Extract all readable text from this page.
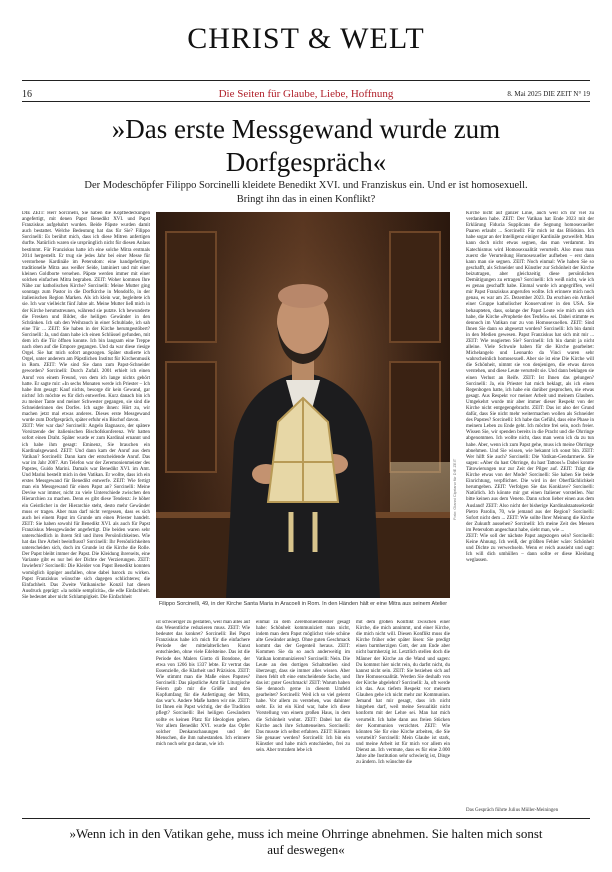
CHRIST & WELT
16	Die Seiten für Glaube, Liebe, Hoffnung	8. Mai 2025 DIE ZEIT N° 19
»Das erste Messgewand wurde zum Dorfgespräch«
Der Modeschöpfer Filippo Sorcinelli kleidete Benedikt XVI. und Franziskus ein. Und er ist homosexuell. Bringt ihn das in einen Konflikt?

DIE ZEIT: Herr Sorcinelli, Sie haben die Kopfbedeckungen angefertigt, mit denen Papst Benedikt XVI. und Papst Franziskus aufgebahrt wurden. Beide Päpste wurden damit auch bestattet. Welche Bedeutung hat das für Sie? Filippo Sorcinelli: Es berührt mich, dass ich diese Mitren anfertigen durfte. Natürlich waren sie ursprünglich nicht für diesen Anlass bestimmt. Für Franziskus hatte ich eine solche Mitra erstmals 2014 hergestellt. Er trug sie jedes Jahr bei einer Messe für verstorbene Kardinäle im Petersdom: eine handgefertigte, traditionelle Mitra aus weißer Seide, laminiert und mit einer kleinen Goldborte versehen. Päpste werden immer mit einer solchen einfachen Mitra begraben. ZEIT: Woher kommen Ihre Nähe zur katholischen Kirche? Sorcinelli: Meine Mutter ging sonntags zum Pastor in die Dorfkirche in Mondolfo, in der italienischen Region Marken. Als ich klein war, begleitete ich sie. Ich war vielleicht fünf Jahre alt. Meine Mutter ließ mich in der Kirche herumstreunen, während sie putzte. Ich bewunderte die Fresken und Bilder, die heiligen Gewänder in den Schränken. Ich sah den Weihrauch in einer Schublade, ich sah eine Tür ... ZEIT: Sie haben in der Kirche herumgestöbert? Sorcinelli: Ja, und dann habe ich einen Schlüssel gefunden, mit dem ich die Tür öffnen konnte. Ich bin langsam eine Treppe nach oben auf die Empore gegangen. Und da war diese riesige Orgel. Sie hat mich sofort angezogen. Später studierte ich Orgel, unter anderem am Päpstlichen Institut für Kirchenmusik in Rom. ZEIT: Wie sind Sie dann zum Papst-Schneider geworden? Sorcinelli: Durch Zufall. 2001 erhielt ich einen Anruf von einem Freund, von dem ich lange nichts gehört hatte. Er sagte mir: »In sechs Monaten werde ich Priester – Ich habe ihm gesagt: Kauf nichts, besorge dir kein Gewand, gar nichts! Ich möchte es für dich entwerfen. Kurz danach bin ich zu meiner Tante und meiner Schwester gegangen, sie sind die Schneiderinnen des Dorfes. Ich sagte ihnen: Hört zu, wir machen jetzt mal etwas anderes. Dieses erste Messgewand wurde zum Dorfgespräch, später erfuhr ein Bischof davon.

ZEIT: Wer war das? Sorcinelli: Angelo Bagnasco, der spätere Vorsitzende der italienischen Bischofskonferenz. Wir hatten sofort einen Draht. Später wurde er zum Kardinal ernannt und ich habe ihm gesagt: Eminenz, Sie brauchen ein Kardinalsgewand. ZEIT: Und dann kam der Anruf aus dem Vatikan? Sorcinelli: Dann kam der entscheidende Anruf. Das war im Jahr 2007. Am Telefon war der Zeremonienmeister des Papstes, Guido Marini. Damals war Benedikt XVI. im Amt. Und Marini bestellt mich in den Vatikan. Er wollte, dass ich ein erstes Messgewand für Benedikt entwerfe. ZEIT: Wie fertigt man ein Messgewand für einen Papst an? Sorcinelli: Meine Devise war immer, nicht zu viele Unterschiede zwischen den Hierarchien zu machen. Denn es gibt diese Tendenz: Je höher ein Geistlicher in der Hierarchie steht, desto mehr Gewänder muss er tragen. Aber man darf nicht vergessen, dass es sich auch bei einem Papst im Grunde um einen Priester handelt. ZEIT: Sie haben sowohl für Benedikt XVI. als auch für Papst Franziskus Messgewänder angefertigt. Die beiden waren sehr unterschiedlich in ihrem Stil und ihren Persönlichkeiten. Wie hat das Ihre Arbeit beeinflusst? Sorcinelli: Ihr Persönlichkeiten unterscheiden sich, doch im Grunde ist die Kirche die Rolle. Der Papst bleibt immer der Papst. Die Kleidung ihrerseits, eine Variante gibt es nur bei der Dichte der Verzierungen. ZEIT: Inwiefern? Sorcinelli: Die Kleider von Papst Benedikt konnten womöglich üppiger ausfallen, ohne dabei barock zu wirken. Papst Franziskus wünschte sich dagegen schlichteres; die Einfachheit. Das Zweite Vatikanische Konzil hat diesen Ausdruck geprägt: »la nobile semplicità«, die edle Einfachheit. Sie bedeutet aber nicht Schlampigkeit. Die Einfachheit

Foto: Gianni Cipriano für DIE ZEIT
Filippo Sorcinelli, 49, in der Kirche Santa Maria in Aracoeli in Rom. In den Händen hält er eine Mitra aus seinem Atelier

ist schwieriger zu gestalten, weil man alles auf das Wesentliche reduzieren muss. ZEIT: Wie bedeutet das konkret? Sorcinelli: Bei Papst Franziskus habe ich mich für die einfachere Periode der mittelalterlichen Kunst entschieden, ohne viele Edelsteine. Das ist die Periode des Malers Giotto di Bondone, der etwa von 1266 bis 1337 lebte. Er vertrat das Essenzielle, die Klarheit und Präzision. ZEIT: Wie stimmt man die Maße eines Papstes? Sorcinelli: Das päpstliche Amt für Liturgische Feiern gab mir die Größe und den Kopfumfang für die Anfertigung der Mitra, das war's. Andere Maße hatten wir nie. ZEIT: Ist Ihnen ein Papst wichtig, der die Tradition pflegt? Sorcinelli: Bei heiligen Gewändern sollte es keinen Platz für Ideologien geben. Vor allem Benedikt XVI. wurde das Opfer solcher Denkanschauungen und der Menschen, die ihm nahestanden. Ich erinnere mich noch sehr gut daran, wie ich

einmal zu dem Zeremonienmeister gesagt habe: Schönheit kommuniziert man nicht, indem man dem Papst möglichst viele schöne alte Gewänder anlegt. Ohne guten Geschmack kommt das der Gegenteil heraus. ZEIT: Kommen Sie da so auch anderweitig im Vatikan kommunizieren? Sorcinelli: Nein. Die Leute an den dortigen Schaltstellen sind überzeugt, dass sie immer alles wissen. Aber ihnen fehlt oft eine entscheidende Sache, und das ist: guter Geschmack! ZEIT: Warum haben Sie dennoch gerne in diesem Umfeld gearbeitet? Sorcinelli: Weil ich so viel gelernt habe. Vor allem zu verstehen, was dahinter steht. Es ist ein Kind war, habe ich diese Vorstellung von einem großen Haus, in dem die Schönheit wohnt. ZEIT: Dabei hat die Kirche auch ihre Schattenseiten. Sorcinelli: Das musste ich selbst erfahren. ZEIT: Können Sie genauer werden? Sorcinelli: Ich bin ein Künstler und habe mich entschieden, frei zu sein. Aber trotzdem lebe ich

mit dem großen Konflikt zwischen einer Kirche, die mich annimmt, und einer Kirche, die mich nicht will. Diesen Konflikt muss die Kirche früher oder später lösen: Sie predigt einen barmherzigen Gott, der am Ende aber nicht barmherzig ist. Letztlich stellen doch die Männer der Kirche an die Wand und sagen: Du kommst hier nicht rein, du darfst nicht, du kannst nicht sein. ZEIT: Sie beziehen sich auf Ihre Homosexualität. Werden Sie deshalb von der Kirche abgelehnt? Sorcinelli: Ja, oft werde ich das. Aus tiefem Respekt vor meinem Glauben gehe ich nicht mehr zur Kommunion. Jemand hat mir gesagt, dass ich nicht hingehen darf, weil meine Sexualität nicht konform mit der Lehre sei. Man hat mich verurteilt. Ich habe dann aus freien Stücken der Kommunion verzichtet. ZEIT: Wie könnten Sie für eine Kirche arbeiten, die Sie verurteilt? Sorcinelli: Mein Glaube ist stark, und meine Arbeit ist für mich vor allem ein Dienst an. Ich vermute, dass es für eine 2.000 Jahre alte Institution sehr schwierig ist, Dinge zu ändern. Ich wünschte die

Kirche nicht auf ganzer Linie, auch weil ich ihr viel zu verdanken habe. ZEIT: Der Vatikan hat Ende 2023 mit der Erklärung Fiducia Supplicans die Segnung homosexueller Paaren erlaubt ... Sorcinelli: Für mich ist das Blödsinn. Ich habe sogar an der Intelligenz einiger Kardinäle gezweifelt. Man kann doch nicht etwas segnen, das man verdammt. Im Katechismus wird Homosexualität verurteilt. Also muss man zuerst die Verurteilung Homosexueller aufheben – erst dann kann man sie segnen. ZEIT: Noch einmal: Wie haben Sie so geschafft, als Schneider und Künstler zur Schönheit der Kirche beizutragen, aber gleichzeitig diese persönlichen Demütigungen zu ertragen? Sorcinelli: Ich weiß nicht, wie ich es genau geschafft habe. Einmal wurde ich angegriffen, weil mir Papst Franziskus angerufen wollte. Ich erinnere mich noch genau, es war am 25. Dezember 2023. Da erschien ein Artikel einer Gruppe katholischer Konservativer in den USA. Sie behaupteten, dass, solange der Papst Leute wie mich um sich habe, die Kirche »Prophetie des Teufels« sei. Dabei stimmte es dennoch im Vatikan nur zu von Homosexuellen. ZEIT: Sind Ihnen Sie dann so abgesetzt worden? Sorcinelli: Ich bin damit in den Medien gewesen. Papst Franziskus hat sich mit mir ... ZEIT: Wie reagierten Sie? Sorcinelli: Ich bin damit ja nicht alleine. Viele Schwule haben für die Kirche gearbeitet: Michelangelo und Leonardo da Vinci waren sehr wahrscheinlich homosexuell. Aber sie ist eine Die Kirche will die Schönheit, nimmt sie von denjenigen, die etwas davon verstehen, und diese Leute verurteilt sie. Und dann beklagen sie einen Verlust an Reife. ZEIT: Ist Ihnen das gelungen? Sorcinelli: Ja, ein Priester hat mich beklagt, als ich einen Regenbogen hatte, ich habe ein darüber gesprochen, nie etwas gesagt. Aus Respekt vor meiner Arbeit und meinem Glauben. Umgekehrt wurde mir aber immer dieser Respekt von der Kirche nicht entgegengebracht. ZEIT: Das ist also der Grund dafür, dass Sie nicht mehr weitermachen wollen als Schneider des Papstes? Sorcinelli: Ich habe das Gefühl, dass eine Phase in meinem Leben zu Ende geht. Ich möchte frei sein, noch freier. Wissen Sie, wir spenden bereits in die Pracht und die Ohrringe abgenommen. Ich wollte nicht, dass man wenn ich da zu tun habe. Aber, wenn ich zum Papst gehe, muss ich meine Ohrringe abnehmen. Und Sie wissen, wie bekannt ich sonst bin. ZEIT: Wer hilft Sie auch? Sorcinelli: Die Vatikan-Gendarmerie. Sie sagen: »Aber du hast Ohrringe, du hast Tattoos!« Dabei konnte Tätowierungen nur zur Zeit der Pilger auf. ZEIT: Trägt die Kirche etwas von der Mode? Sorcinelli: Sie haben Sie beide Einrichtung, verpflichtet. Die wird in der Oberflächlichkeit herumgeben. ZEIT: Verfolgen Sie das Konklave? Sorcinelli: Natürlich. Ich könnte mir gut einen Italiener vorstellen. Nur bitte keinen aus dem Veneto. Dann schon lieber einen aus dem Ausland! ZEIT: Also nicht der bisherige Kardinalstaatssekretär Pietro Parolin, 70, wie jemand aus der Region? Sorcinelli: Sofort nicht dem ... ZEIT: Wie sollte Ihrer Meinung die Kirche der Zukunft aussehen? Sorcinelli: Ich meine Zeit des Messen im Petersdom angeschaut habe, sieht man, wie ...

ZEIT: Wie soll der nächste Papst angezogen sein? Sorcinelli: Keine Ahnung. Ich weiß, der größten Fehler wäre: Schönheit und Dichte zu verwechseln. Wenn er reich aussieht und sagt: Ich will dich umhüllen – dann sollte er diese Kleidung weglassen.

Das Gespräch führte Julius Müller-Meiningen
»Wenn ich in den Vatikan gehe, muss ich meine Ohrringe abnehmen. Sie halten mich sonst auf deswegen«
